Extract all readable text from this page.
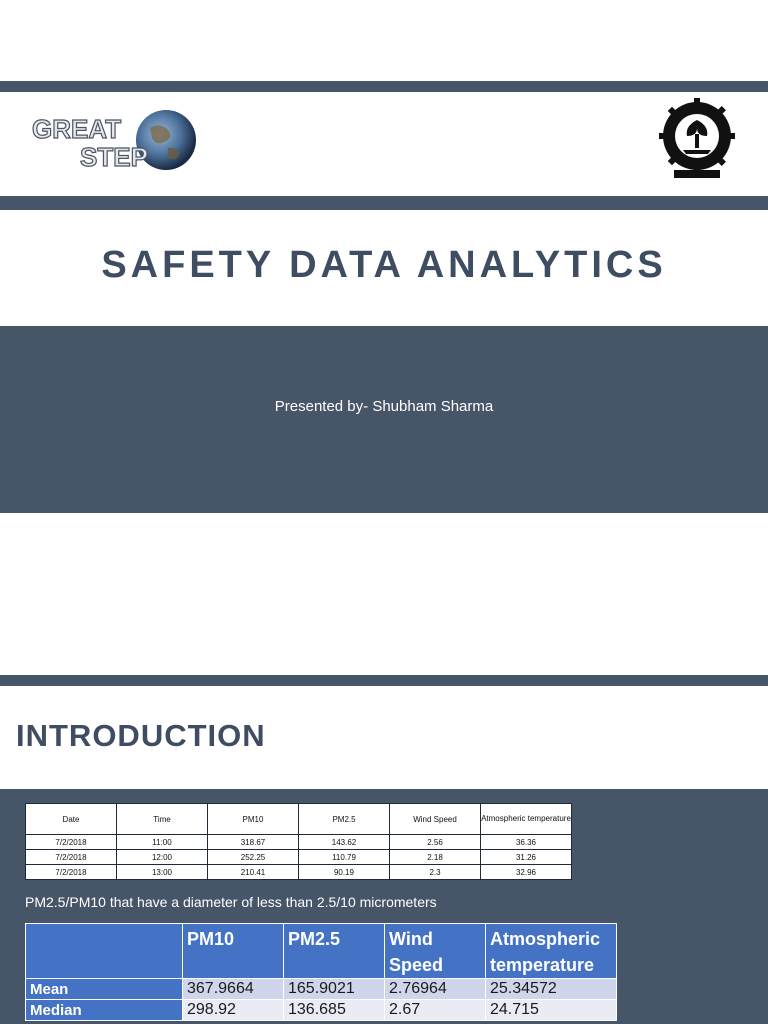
GREAT
STEP
SAFETY DATA ANALYTICS
Presented by- Shubham Sharma
INTRODUCTION
Date	Time	PM10	PM2.5	Wind Speed	Atmospheric temperature
7/2/2018	11:00	318.67	143.62	2.56	36.36
7/2/2018	12:00	252.25	110.79	2.18	31.26
7/2/2018	13:00	210.41	90.19	2.3	32.96
PM2.5/PM10 that have a diameter of less than 2.5/10 micrometers
	PM10	PM2.5	Wind Speed	Atmospheric temperature
Mean	367.9664	165.9021	2.76964	25.34572
Median	298.92	136.685	2.67	24.715
